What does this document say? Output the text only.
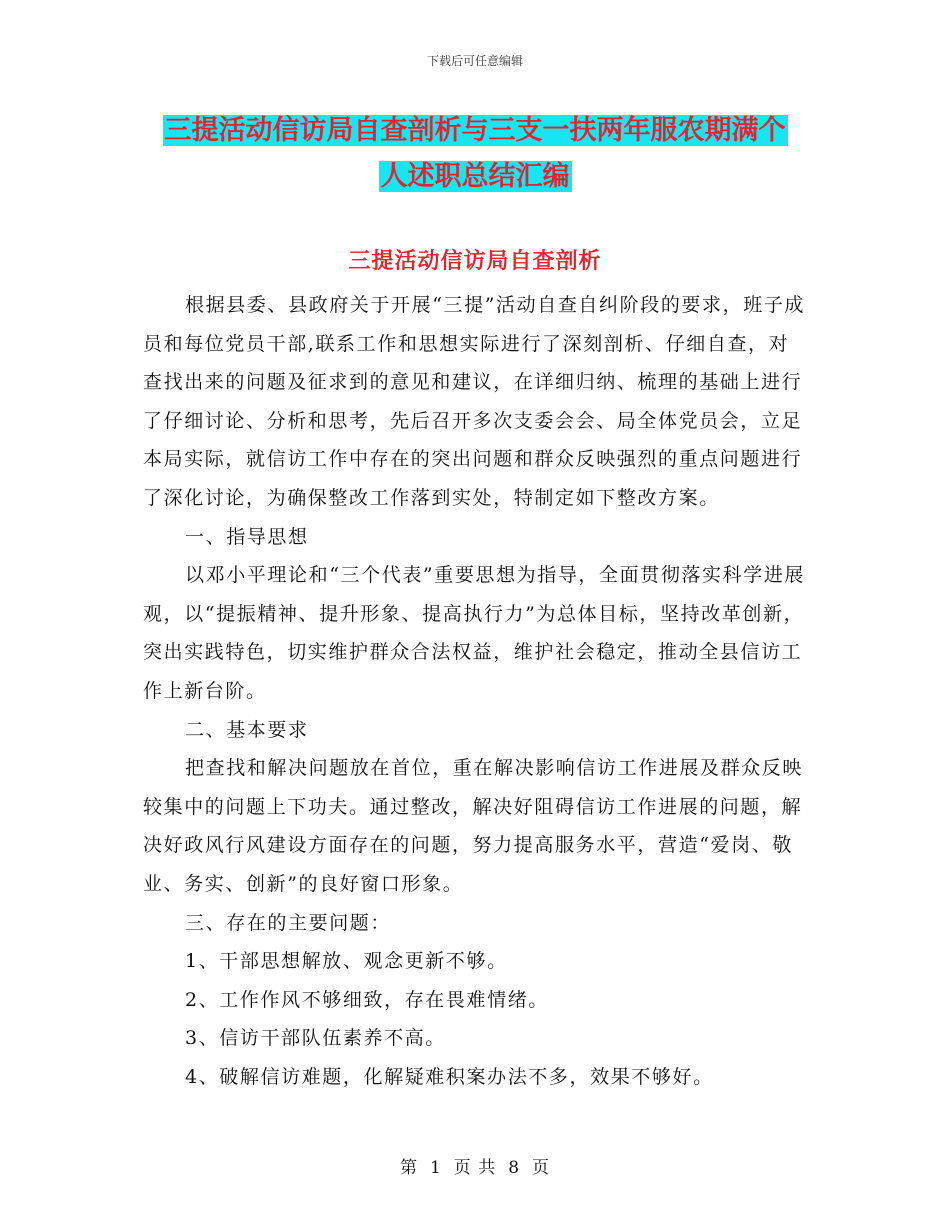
下载后可任意编辑
三提活动信访局自查剖析与三支一扶两年服农期满个
人述职总结汇编
三提活动信访局自查剖析

根据县委、县政府关于开展“三提”活动自查自纠阶段的要求，班子成员和每位党员干部,联系工作和思想实际进行了深刻剖析、仔细自查，对查找出来的问题及征求到的意见和建议，在详细归纳、梳理的基础上进行了仔细讨论、分析和思考，先后召开多次支委会会、局全体党员会，立足本局实际，就信访工作中存在的突出问题和群众反映强烈的重点问题进行了深化讨论，为确保整改工作落到实处，特制定如下整改方案。

一、指导思想

以邓小平理论和“三个代表”重要思想为指导，全面贯彻落实科学进展观，以“提振精神、提升形象、提高执行力”为总体目标，坚持改革创新，突出实践特色，切实维护群众合法权益，维护社会稳定，推动全县信访工作上新台阶。

二、基本要求

把查找和解决问题放在首位，重在解决影响信访工作进展及群众反映较集中的问题上下功夫。通过整改，解决好阻碍信访工作进展的问题，解决好政风行风建设方面存在的问题，努力提高服务水平，营造“爱岗、敬业、务实、创新”的良好窗口形象。

三、存在的主要问题：

1、干部思想解放、观念更新不够。

2、工作作风不够细致，存在畏难情绪。

3、信访干部队伍素养不高。

4、破解信访难题，化解疑难积案办法不多，效果不够好。

第 1 页 共 8 页
